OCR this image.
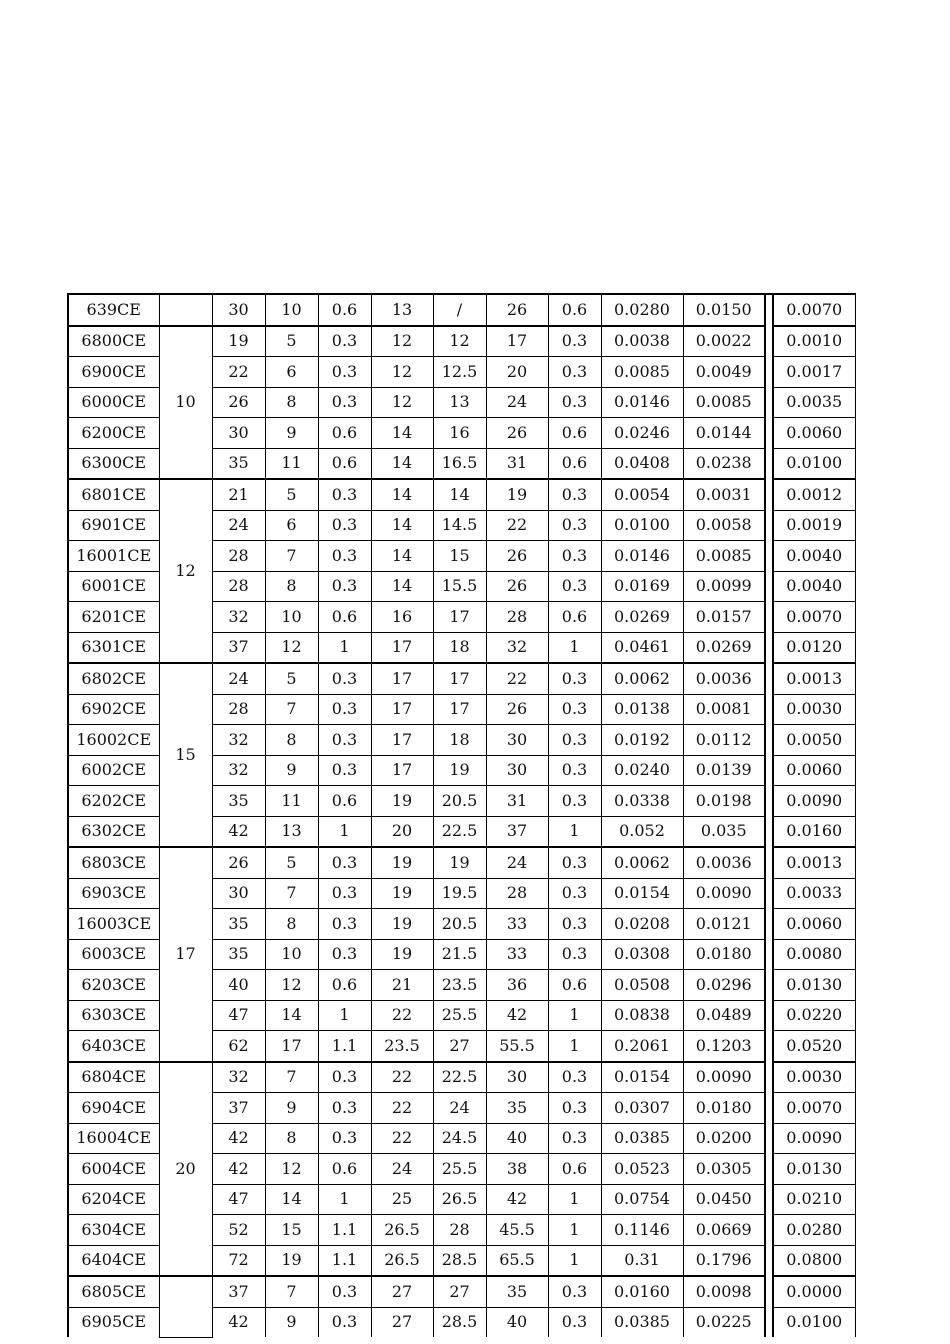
639CE		30	10	0.6	13	/	26	0.6	0.0280	0.0150		0.0070
6800CE	10	19	5	0.3	12	12	17	0.3	0.0038	0.0022		0.0010
6900CE		22	6	0.3	12	12.5	20	0.3	0.0085	0.0049		0.0017
6000CE		26	8	0.3	12	13	24	0.3	0.0146	0.0085		0.0035
6200CE		30	9	0.6	14	16	26	0.6	0.0246	0.0144		0.0060
6300CE		35	11	0.6	14	16.5	31	0.6	0.0408	0.0238		0.0100
6801CE	12	21	5	0.3	14	14	19	0.3	0.0054	0.0031		0.0012
6901CE		24	6	0.3	14	14.5	22	0.3	0.0100	0.0058		0.0019
16001CE		28	7	0.3	14	15	26	0.3	0.0146	0.0085		0.0040
6001CE		28	8	0.3	14	15.5	26	0.3	0.0169	0.0099		0.0040
6201CE		32	10	0.6	16	17	28	0.6	0.0269	0.0157		0.0070
6301CE		37	12	1	17	18	32	1	0.0461	0.0269		0.0120
6802CE	15	24	5	0.3	17	17	22	0.3	0.0062	0.0036		0.0013
6902CE		28	7	0.3	17	17	26	0.3	0.0138	0.0081		0.0030
16002CE		32	8	0.3	17	18	30	0.3	0.0192	0.0112		0.0050
6002CE		32	9	0.3	17	19	30	0.3	0.0240	0.0139		0.0060
6202CE		35	11	0.6	19	20.5	31	0.3	0.0338	0.0198		0.0090
6302CE		42	13	1	20	22.5	37	1	0.052	0.035		0.0160
6803CE	17	26	5	0.3	19	19	24	0.3	0.0062	0.0036		0.0013
6903CE		30	7	0.3	19	19.5	28	0.3	0.0154	0.0090		0.0033
16003CE		35	8	0.3	19	20.5	33	0.3	0.0208	0.0121		0.0060
6003CE		35	10	0.3	19	21.5	33	0.3	0.0308	0.0180		0.0080
6203CE		40	12	0.6	21	23.5	36	0.6	0.0508	0.0296		0.0130
6303CE		47	14	1	22	25.5	42	1	0.0838	0.0489		0.0220
6403CE		62	17	1.1	23.5	27	55.5	1	0.2061	0.1203		0.0520
6804CE	20	32	7	0.3	22	22.5	30	0.3	0.0154	0.0090		0.0030
6904CE		37	9	0.3	22	24	35	0.3	0.0307	0.0180		0.0070
16004CE		42	8	0.3	22	24.5	40	0.3	0.0385	0.0200		0.0090
6004CE		42	12	0.6	24	25.5	38	0.6	0.0523	0.0305		0.0130
6204CE		47	14	1	25	26.5	42	1	0.0754	0.0450		0.0210
6304CE		52	15	1.1	26.5	28	45.5	1	0.1146	0.0669		0.0280
6404CE		72	19	1.1	26.5	28.5	65.5	1	0.31	0.1796		0.0800
6805CE		37	7	0.3	27	27	35	0.3	0.0160	0.0098		0.0000
6905CE		42	9	0.3	27	28.5	40	0.3	0.0385	0.0225		0.0100
